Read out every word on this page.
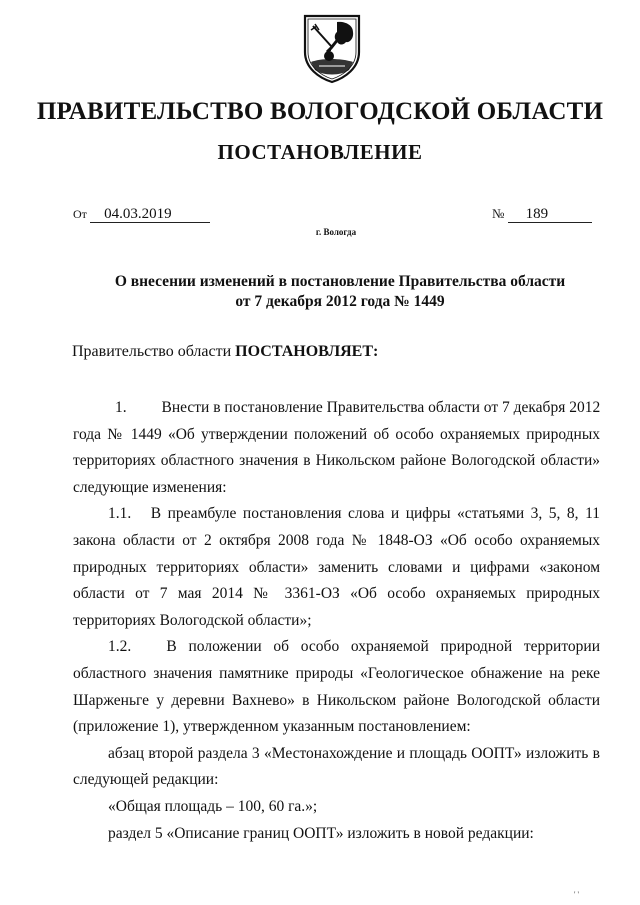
ПРАВИТЕЛЬСТВО ВОЛОГОДСКОЙ ОБЛАСТИ
ПОСТАНОВЛЕНИЕ
От 04.03.2019	№ 189
г. Вологда
О внесении изменений в постановление Правительства области
от 7 декабря 2012 года № 1449
Правительство области ПОСТАНОВЛЯЕТ:
1.         Внести в постановление Правительства области от 7 декабря 2012
года № 1449 «Об утверждении положений об особо охраняемых природных
территориях областного значения в Никольском районе Вологодской области»
следующие изменения:
1.1.   В преамбуле постановления слова и цифры «статьями 3, 5, 8, 11
закона области от 2 октября 2008 года № 1848-ОЗ «Об особо охраняемых
природных территориях области» заменить словами и цифрами «законом
области от 7 мая 2014 № 3361-ОЗ «Об особо охраняемых природных
территориях Вологодской области»;
1.2.   В положении об особо охраняемой природной территории
областного значения памятнике природы «Геологическое обнажение на реке
Шарженьге у деревни Вахнево» в Никольском районе Вологодской области
(приложение 1), утвержденном указанным постановлением:
абзац второй раздела 3 «Местонахождение и площадь ООПТ» изложить в
следующей редакции:
«Общая площадь – 100, 60 га.»;
раздел 5 «Описание границ ООПТ» изложить в новой редакции:
' '
